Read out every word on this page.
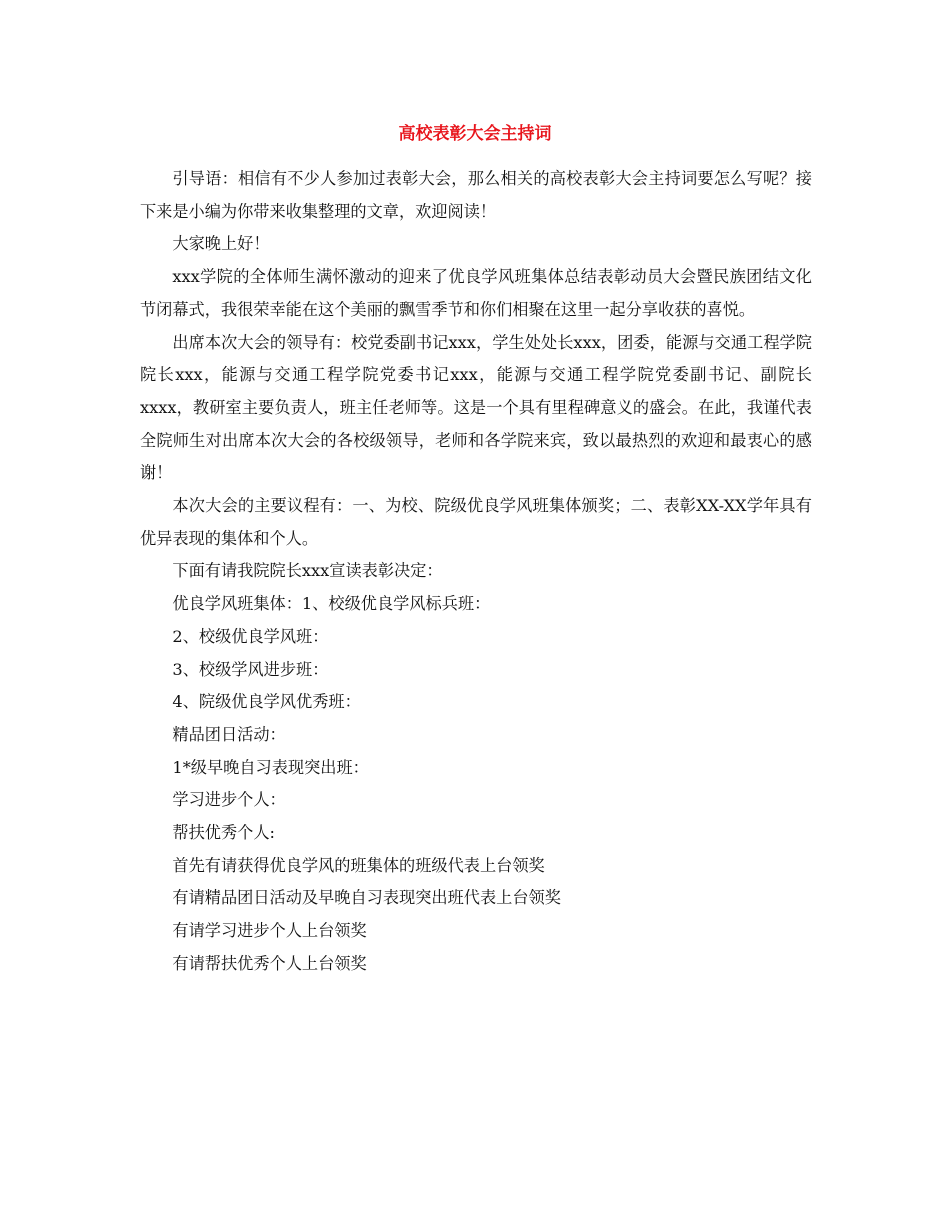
高校表彰大会主持词

引导语：相信有不少人参加过表彰大会，那么相关的高校表彰大会主持词要怎么写呢？接下来是小编为你带来收集整理的文章，欢迎阅读！

大家晚上好！

xxx学院的全体师生满怀激动的迎来了优良学风班集体总结表彰动员大会暨民族团结文化节闭幕式，我很荣幸能在这个美丽的飘雪季节和你们相聚在这里一起分享收获的喜悦。

出席本次大会的领导有：校党委副书记xxx，学生处处长xxx，团委，能源与交通工程学院院长xxx，能源与交通工程学院党委书记xxx，能源与交通工程学院党委副书记、副院长xxxx，教研室主要负责人，班主任老师等。这是一个具有里程碑意义的盛会。在此，我谨代表全院师生对出席本次大会的各校级领导，老师和各学院来宾，致以最热烈的欢迎和最衷心的感谢！

本次大会的主要议程有：一、为校、院级优良学风班集体颁奖；二、表彰XX-XX学年具有优异表现的集体和个人。

下面有请我院院长xxx宣读表彰决定：

优良学风班集体：1、校级优良学风标兵班：

2、校级优良学风班：

3、校级学风进步班：

4、院级优良学风优秀班：

精品团日活动：

1*级早晚自习表现突出班：

学习进步个人：

帮扶优秀个人:

首先有请获得优良学风的班集体的班级代表上台领奖

有请精品团日活动及早晚自习表现突出班代表上台领奖

有请学习进步个人上台领奖

有请帮扶优秀个人上台领奖
